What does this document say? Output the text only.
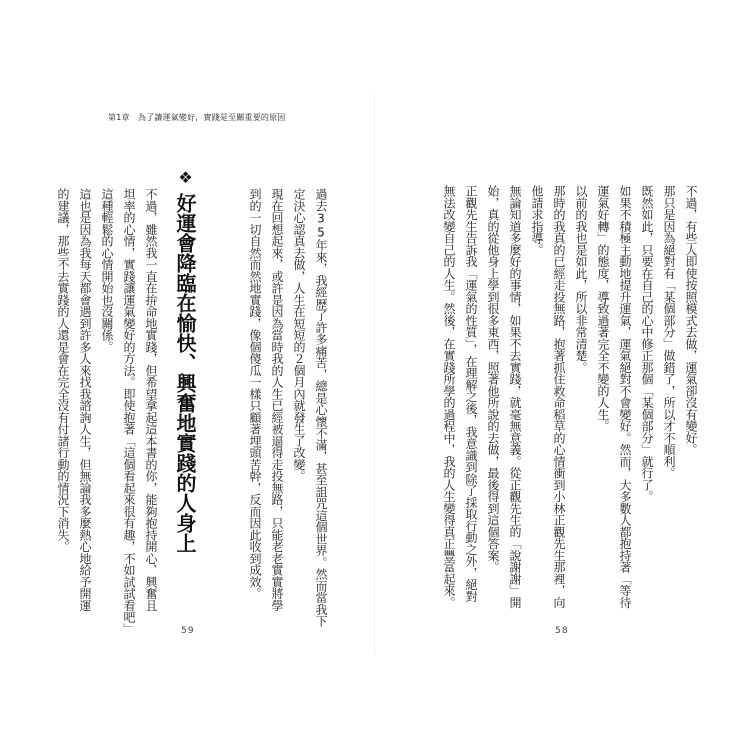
第1章　為了讓運氣變好，實踐是至關重要的原因
❖好運會降臨在愉快、興奮地實踐的人身上	過去35年來，我經歷了許多痛苦，總是心懷不滿，甚至詛咒這個世界。然而當我下
定決心認真去做，人生在短短的２個月內就發生了改變。
現在回想起來，或許是因為當時我的人生已經被逼得走投無路，只能老老實實將學
到的一切自然而然地實踐，像個傻瓜一樣只顧著埋頭苦幹，反而因此收到成效。
不過，雖然我一直在拚命地實踐，但希望拿起這本書的你，能夠抱持開心、興奮且
坦率的心情，實踐讓運氣變好的方法。即使抱著「這個看起來很有趣，不如試試看吧」
這種輕鬆的心情開始也沒關係。
這也是因為我每天都會遇到許多人來找我諮詢人生，但無論我多麼熱心地給予開運
的建議，那些不去實踐的人還是會在完全沒有付諸行動的情況下消失。	不過，有些人即使按照模式去做，運氣卻沒有變好。
那只是因為絕對有「某個部分」做錯了，所以才不順利。
既然如此，只要在自己的心中修正那個「某個部分」就行了。
如果不積極主動地提升運氣，運氣絕對不會變好。然而，大多數人都抱持著「等待
運氣好轉」的態度，導致過著完全不變的人生。
以前的我也是如此，所以非常清楚。
那時的我真的已經走投無路，抱著抓住救命稻草的心情衝到小林正觀先生那裡，向
他請求指導。
無論知道多麼好的事情，如果不去實踐，就毫無意義。從正觀先生的「說謝謝」開
始，真的從他身上學到很多東西，照著他所說的去做，最後得到這個答案。
正觀先生告訴我「運氣的性質」，在理解之後，我意識到除了採取行動之外，絕對
無法改變自己的人生。然後，在實踐所學的過程中，我的人生變得真正豐富起來。
59	58
